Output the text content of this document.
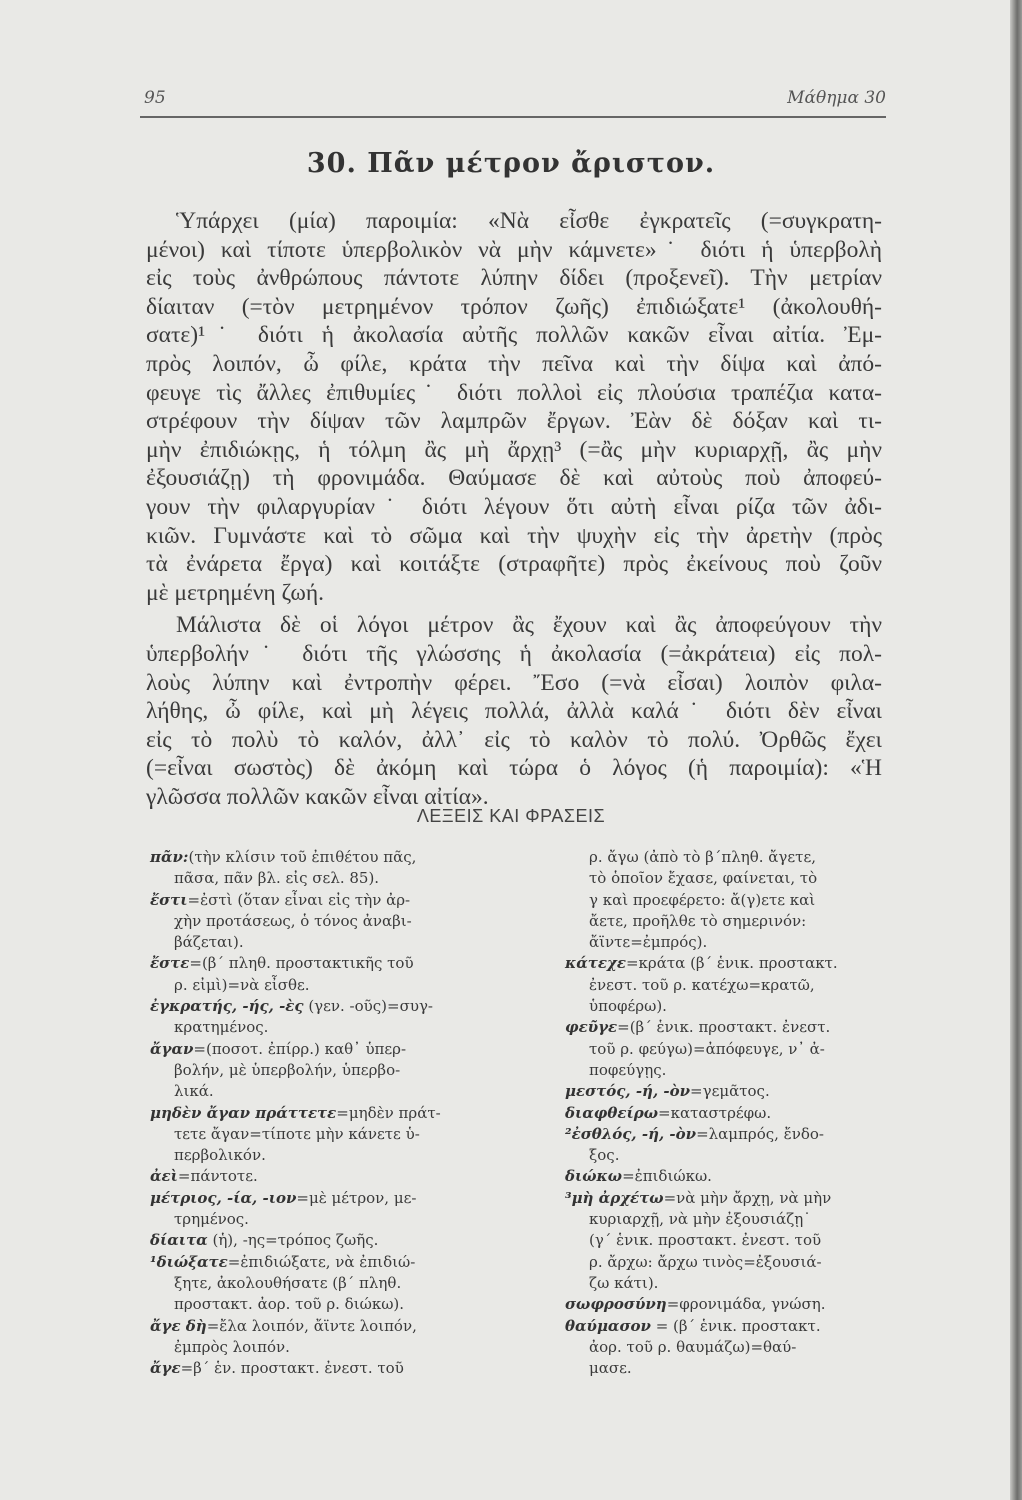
95	Μάθημα 30
30. Πᾶν μέτρον ἄριστον.
Ὑπάρχει (μία) παροιμία: «Νὰ εἶσθε ἐγκρατεῖς (=συγκρατη-
μένοι) καὶ τίποτε ὑπερβολικὸν νὰ μὴν κάμνετε»˙ διότι ἡ ὑπερβολὴ
εἰς τοὺς ἀνθρώπους πάντοτε λύπην δίδει (προξενεῖ). Τὴν μετρίαν
δίαιταν (=τὸν μετρημένον τρόπον ζωῆς) ἐπιδιώξατε¹ (ἀκολουθή-
σατε)¹˙ διότι ἡ ἀκολασία αὐτῆς πολλῶν κακῶν εἶναι αἰτία. Ἐμ-
πρὸς λοιπόν, ὦ φίλε, κράτα τὴν πεῖνα καὶ τὴν δίψα καὶ ἀπό-
φευγε τὶς ἄλλες ἐπιθυμίες˙ διότι πολλοὶ εἰς πλούσια τραπέζια κατα-
στρέφουν τὴν δίψαν τῶν λαμπρῶν ἔργων. Ἐὰν δὲ δόξαν καὶ τι-
μὴν ἐπιδιώκῃς, ἡ τόλμη ἂς μὴ ἄρχῃ³ (=ἂς μὴν κυριαρχῇ, ἂς μὴν
ἐξουσιάζῃ) τὴ φρονιμάδα. Θαύμασε δὲ καὶ αὐτοὺς ποὺ ἀποφεύ-
γουν τὴν φιλαργυρίαν˙ διότι λέγουν ὅτι αὐτὴ εἶναι ρίζα τῶν ἀδι-
κιῶν. Γυμνάστε καὶ τὸ σῶμα καὶ τὴν ψυχὴν εἰς τὴν ἀρετὴν (πρὸς
τὰ ἐνάρετα ἔργα) καὶ κοιτάξτε (στραφῆτε) πρὸς ἐκείνους ποὺ ζοῦν
μὲ μετρημένη ζωή.
Μάλιστα δὲ οἱ λόγοι μέτρον ἂς ἔχουν καὶ ἂς ἀποφεύγουν τὴν
ὑπερβολήν˙ διότι τῆς γλώσσης ἡ ἀκολασία (=ἀκράτεια) εἰς πολ-
λοὺς λύπην καὶ ἐντροπὴν φέρει. Ἔσο (=νὰ εἶσαι) λοιπὸν φιλα-
λήθης, ὦ φίλε, καὶ μὴ λέγεις πολλά, ἀλλὰ καλά˙ διότι δὲν εἶναι
εἰς τὸ πολὺ τὸ καλόν, ἀλλ᾿ εἰς τὸ καλὸν τὸ πολύ. Ὀρθῶς ἔχει
(=εἶναι σωστὸς) δὲ ἀκόμη καὶ τώρα ὁ λόγος (ἡ παροιμία): «Ἡ
γλῶσσα πολλῶν κακῶν εἶναι αἰτία».
ΛΕΞΕΙΣ ΚΑΙ ΦΡΑΣΕΙΣ
πᾶν:(τὴν κλίσιν τοῦ ἐπιθέτου πᾶς,
πᾶσα, πᾶν βλ. εἰς σελ. 85).
ἔστι=ἐστὶ (ὅταν εἶναι εἰς τὴν ἀρ-
χὴν προτάσεως, ὁ τόνος ἀναβι-
βάζεται).
ἔστε=(β΄ πληθ. προστακτικῆς τοῦ
ρ. εἰμὶ)=νὰ εἶσθε.
ἐγκρατής, -ής, -ὲς (γεν. -οῦς)=συγ-
κρατημένος.
ἄγαν=(ποσοτ. ἐπίρρ.) καθ᾿ ὑπερ-
βολήν, μὲ ὑπερβολήν, ὑπερβο-
λικά.
μηδὲν ἄγαν πράττετε=μηδὲν πράτ-
τετε ἄγαν=τίποτε μὴν κάνετε ὑ-
περβολικόν.
ἀεὶ=πάντοτε.
μέτριος, -ία, -ιον=μὲ μέτρον, με-
τρημένος.
δίαιτα (ἡ), -ης=τρόπος ζωῆς.
¹διώξατε=ἐπιδιώξατε, νὰ ἐπιδιώ-
ξητε, ἀκολουθήσατε (β΄ πληθ.
προστακτ. ἀορ. τοῦ ρ. διώκω).
ἄγε δὴ=ἔλα λοιπόν, ἄϊντε λοιπόν,
ἐμπρὸς λοιπόν.
ἄγε=β΄ ἑν. προστακτ. ἐνεστ. τοῦ
ρ. ἄγω (ἀπὸ τὸ β΄πληθ. ἄγετε,
τὸ ὁποῖον ἔχασε, φαίνεται, τὸ
γ καὶ προεφέρετο: ἄ(γ)ετε καὶ
ἄετε, προῆλθε τὸ σημερινόν:
ἄϊντε=ἐμπρός).
κάτεχε=κράτα (β΄ ἑνικ. προστακτ.
ἐνεστ. τοῦ ρ. κατέχω=κρατῶ,
ὑποφέρω).
φεῦγε=(β΄ ἑνικ. προστακτ. ἐνεστ.
τοῦ ρ. φεύγω)=ἀπόφευγε, ν᾿ ἀ-
ποφεύγῃς.
μεστός, -ή, -ὸν=γεμᾶτος.
διαφθείρω=καταστρέφω.
²ἐσθλός, -ή, -ὸν=λαμπρός, ἔνδο-
ξος.
διώκω=ἐπιδιώκω.
³μὴ ἀρχέτω=νὰ μὴν ἄρχῃ, νὰ μὴν
κυριαρχῇ, νὰ μὴν ἐξουσιάζῃ˙
(γ΄ ἑνικ. προστακτ. ἐνεστ. τοῦ
ρ. ἄρχω: ἄρχω τινὸς=ἐξουσιά-
ζω κάτι).
σωφροσύνη=φρονιμάδα, γνώση.
θαύμασον = (β΄ ἑνικ. προστακτ.
ἀορ. τοῦ ρ. θαυμάζω)=θαύ-
μασε.
